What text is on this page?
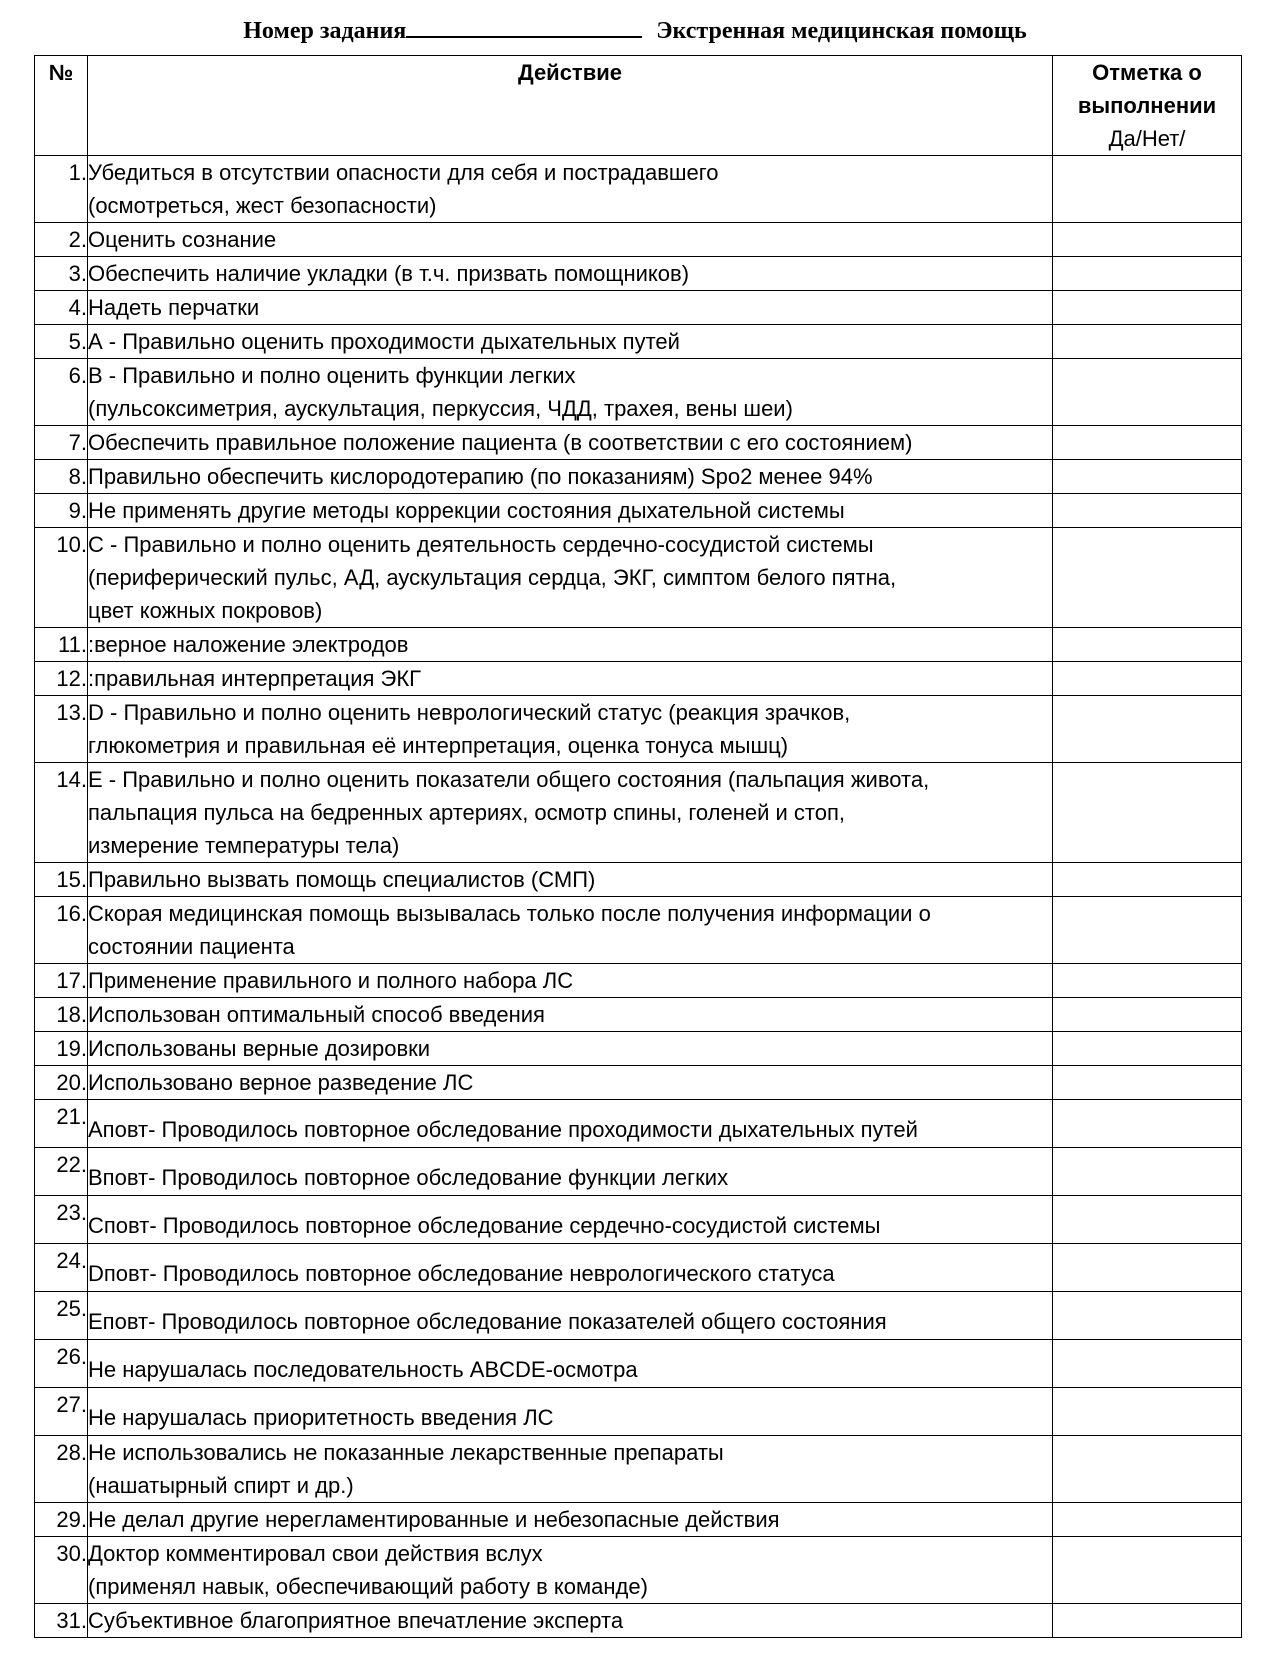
Номер задания	Экстренная медицинская помощь
№	Действие	Отметка о
выполнении
Да/Нет/

1.	Убедиться в отсутствии опасности для себя и пострадавшего
(осмотреться, жест безопасности)	

2.	Оценить сознание	

3.	Обеспечить наличие укладки (в т.ч. призвать помощников)	

4.	Надеть перчатки	

5.	А - Правильно оценить проходимости дыхательных путей	

6.	В - Правильно и полно оценить функции легких
(пульсоксиметрия, аускультация, перкуссия, ЧДД, трахея, вены шеи)	

7.	Обеспечить правильное положение пациента (в соответствии с его состоянием)	

8.	Правильно обеспечить кислородотерапию (по показаниям) Spo2 менее 94%	

9.	Не применять другие методы коррекции состояния дыхательной системы	

10.	С - Правильно и полно оценить деятельность сердечно-сосудистой системы
(периферический пульс, АД, аускультация сердца, ЭКГ, симптом белого пятна,
цвет кожных покровов)	

11.	:верное наложение электродов	

12.	:правильная интерпретация ЭКГ	

13.	D - Правильно и полно оценить неврологический статус (реакция зрачков,
глюкометрия и правильная её интерпретация, оценка тонуса мышц)	

14.	Е - Правильно и полно оценить показатели общего состояния (пальпация живота,
пальпация пульса на бедренных артериях, осмотр спины, голеней и стоп,
измерение температуры тела)	

15.	Правильно вызвать помощь специалистов (СМП)	

16.	Скорая медицинская помощь вызывалась только после получения информации о
состоянии пациента	

17.	Применение правильного и полного набора ЛС	

18.	Использован оптимальный способ введения	

19.	Использованы верные дозировки	

20.	Использовано верное разведение ЛС	

21.	Аповт- Проводилось повторное обследование проходимости дыхательных путей	

22.	Вповт- Проводилось повторное обследование функции легких	

23.	Сповт- Проводилось повторное обследование сердечно-сосудистой системы	

24.	Dповт- Проводилось повторное обследование неврологического статуса	

25.	Еповт- Проводилось повторное обследование показателей общего состояния	

26.	Не нарушалась последовательность ABCDE-осмотра	

27.	Не нарушалась приоритетность введения ЛС	

28.	Не использовались не показанные лекарственные препараты
(нашатырный спирт и др.)	

29.	Не делал другие нерегламентированные и небезопасные действия	

30.	Доктор комментировал свои действия вслух
(применял навык, обеспечивающий работу в команде)	

31.	Субъективное благоприятное впечатление эксперта	
